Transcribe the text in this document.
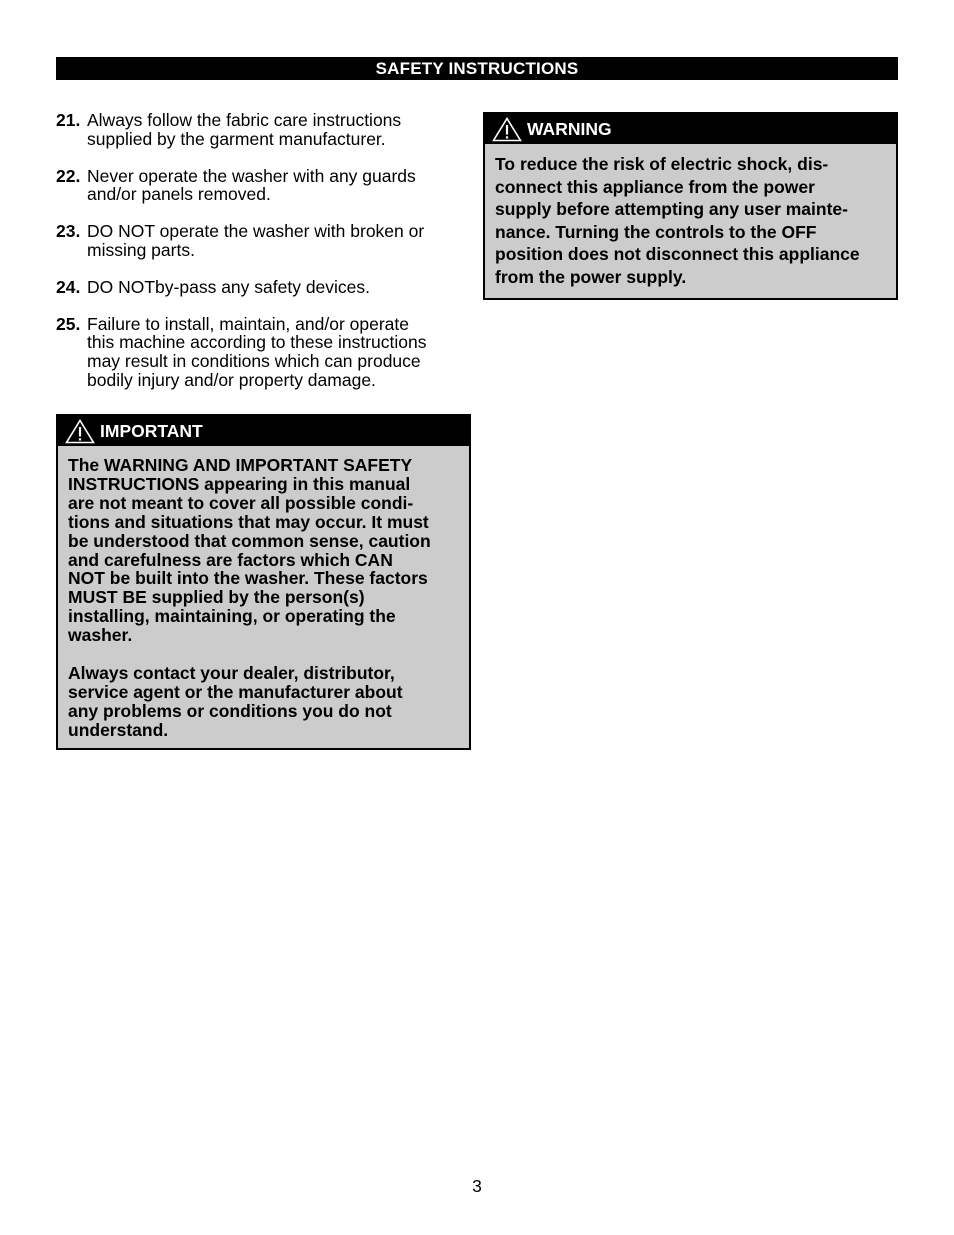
SAFETY INSTRUCTIONS
21. Always follow the fabric care instructions
supplied by the garment manufacturer.
22. Never operate the washer with any guards
and/or panels removed.
23. DO NOT operate the washer with broken or
missing parts.
24. DO NOTby-pass any safety devices.
25. Failure to install, maintain, and/or operate
this machine according to these instructions
may result in conditions which can produce
bodily injury and/or property damage.
IMPORTANT

The WARNING AND IMPORTANT SAFETY
INSTRUCTIONS appearing in this manual
are not meant to cover all possible condi-
tions and situations that may occur. It must
be understood that common sense, caution
and carefulness are factors which CAN
NOT be built into the washer. These factors
MUST BE supplied by the person(s)
installing, maintaining, or operating the
washer.

Always contact your dealer, distributor,
service agent or the manufacturer about
any problems or conditions you do not
understand.

WARNING
To reduce the risk of electric shock, dis-
connect this appliance from the power
supply before attempting any user mainte-
nance. Turning the controls to the OFF
position does not disconnect this appliance
from the power supply.
3
